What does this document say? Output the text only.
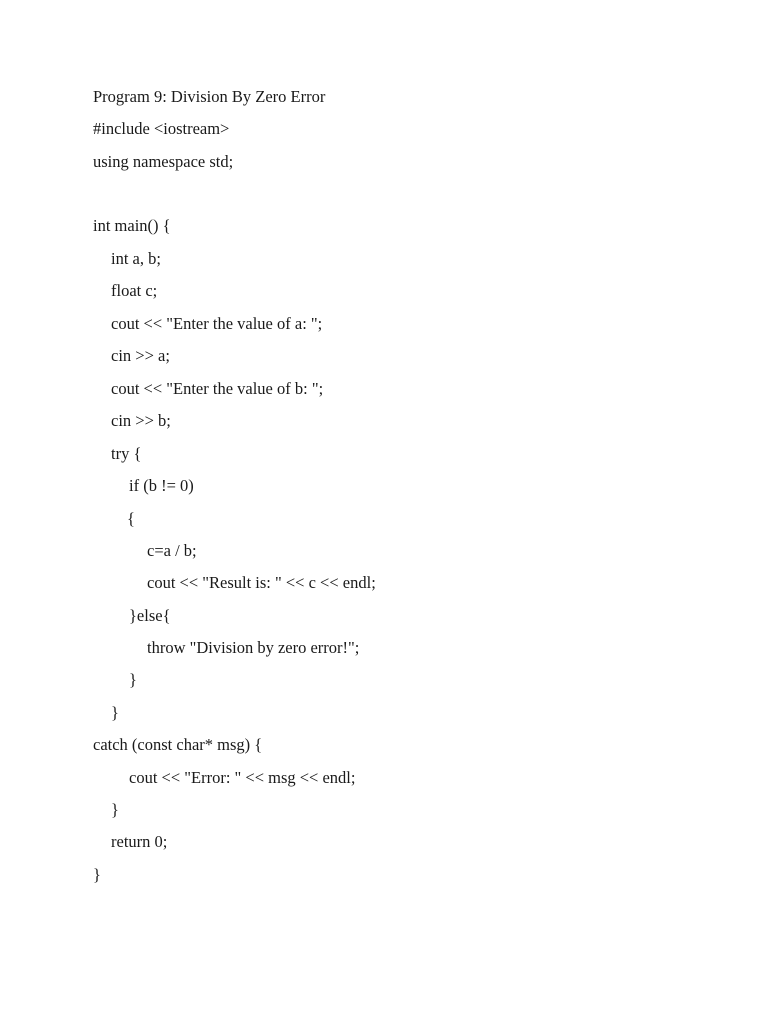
Program 9: Division By Zero Error
#include <iostream>
using namespace std;
int main() {
int a, b;
float c;
cout << "Enter the value of a: ";
cin >> a;
cout << "Enter the value of b: ";
cin >> b;
try {
if (b != 0)
{
c=a / b;
cout << "Result is: " << c << endl;
}else{
throw "Division by zero error!";
}
}
catch (const char* msg) {
cout << "Error: " << msg << endl;
}
return 0;
}
